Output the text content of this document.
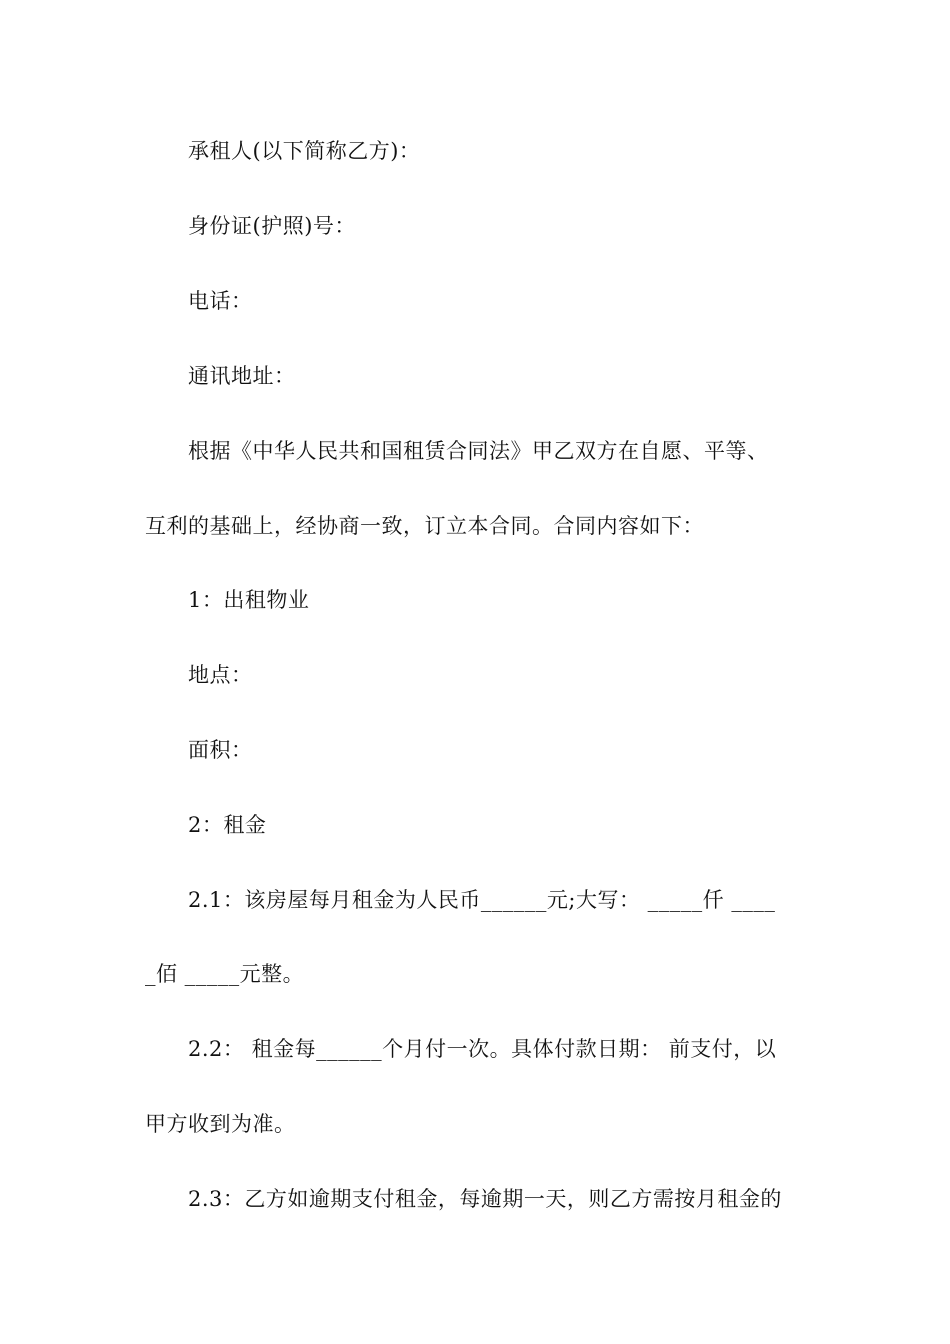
承租人(以下简称乙方)：
身份证(护照)号：
电话：
通讯地址：
根据《中华人民共和国租赁合同法》甲乙双方在自愿、平等、
互利的基础上，经协商一致，订立本合同。合同内容如下：
1：出租物业
地点：
面积：
2：租金
2.1：该房屋每月租金为人民币______元;大写： _____仟 ____
_佰 _____元整。
2.2： 租金每______个月付一次。具体付款日期： 前支付，以
甲方收到为准。
2.3：乙方如逾期支付租金，每逾期一天，则乙方需按月租金的
